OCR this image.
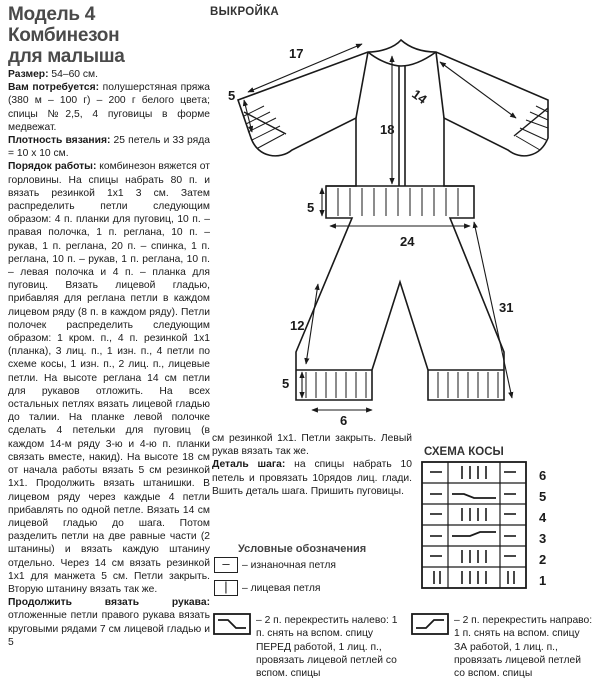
Модель 4
Комбинезон
для малыша

Размер: 54–60 см.

Вам потребуется: полушерстяная пряжа (380 м – 100 г) – 200 г белого цвета; спицы №2,5, 4 пуговицы в форме медвежат.

Плотность вязания: 25 петель и 33 ряда = 10 х 10 см.

Порядок работы: комбинезон вяжется от горловины. На спицы набрать 80 п. и вязать резинкой 1х1 3 см. Затем распределить петли следующим образом: 4 п. планки для пуговиц, 10 п. – правая полочка, 1 п. реглана, 10 п. – рукав, 1 п. реглана, 20 п. – спинка, 1 п. реглана, 10 п. – рукав, 1 п. реглана, 10 п. – левая полочка и 4 п. – планка для пуговиц. Вязать лицевой гладью, прибавляя для реглана петли в каждом лицевом ряду (8 п. в каждом ряду). Петли полочек распределить следующим образом: 1 кром. п., 4 п. резинкой 1х1 (планка), 3 лиц. п., 1 изн. п., 4 петли по схеме косы, 1 изн. п., 2 лиц. п., лицевые петли. На высоте реглана 14 см петли для рукавов отложить. На всех остальных петлях вязать лицевой гладью до талии. На планке левой полочке сделать 4 петельки для пуговиц (в каждом 14-м ряду 3-ю и 4-ю п. планки связать вместе, накид). На высоте 18 см от начала работы вязать 5 см резинкой 1х1. Продолжить вязать штанишки. В лицевом ряду через каждые 4 петли прибавлять по одной петле. Вязать 14 см лицевой гладью до шага. Потом разделить петли на две равные части (2 штанины) и вязать каждую штанину отдельно. Через 14 см вязать резинкой 1х1 для манжета 5 см. Петли закрыть. Вторую штанину вязать так же.

Продолжить вязать рукава: отложенные петли правого рукава вязать круговыми рядами 7 см лицевой гладью и 5

см резинкой 1х1. Петли закрыть. Левый рукав вязать так же.

Деталь шага: на спицы набрать 10 петель и провязать 10рядов лиц. глади. Вшить деталь шага. Пришить пуговицы.

ВЫКРОЙКА
17
5	14
18
5
24
31
12
5
6
СХЕМА КОСЫ
6
5
4
3
2
1
Условные обозначения
–	– изнаночная петля
|	– лицевая петля
– 2 п. перекрестить налево: 1 п. снять на вспом. спицу ПЕРЕД работой, 1 лиц. п., провязать лицевой петлей со вспом. спицы
– 2 п. перекрестить направо: 1 п. снять на вспом. спицу ЗА работой, 1 лиц. п., провязать лицевой петлей со вспом. спицы
